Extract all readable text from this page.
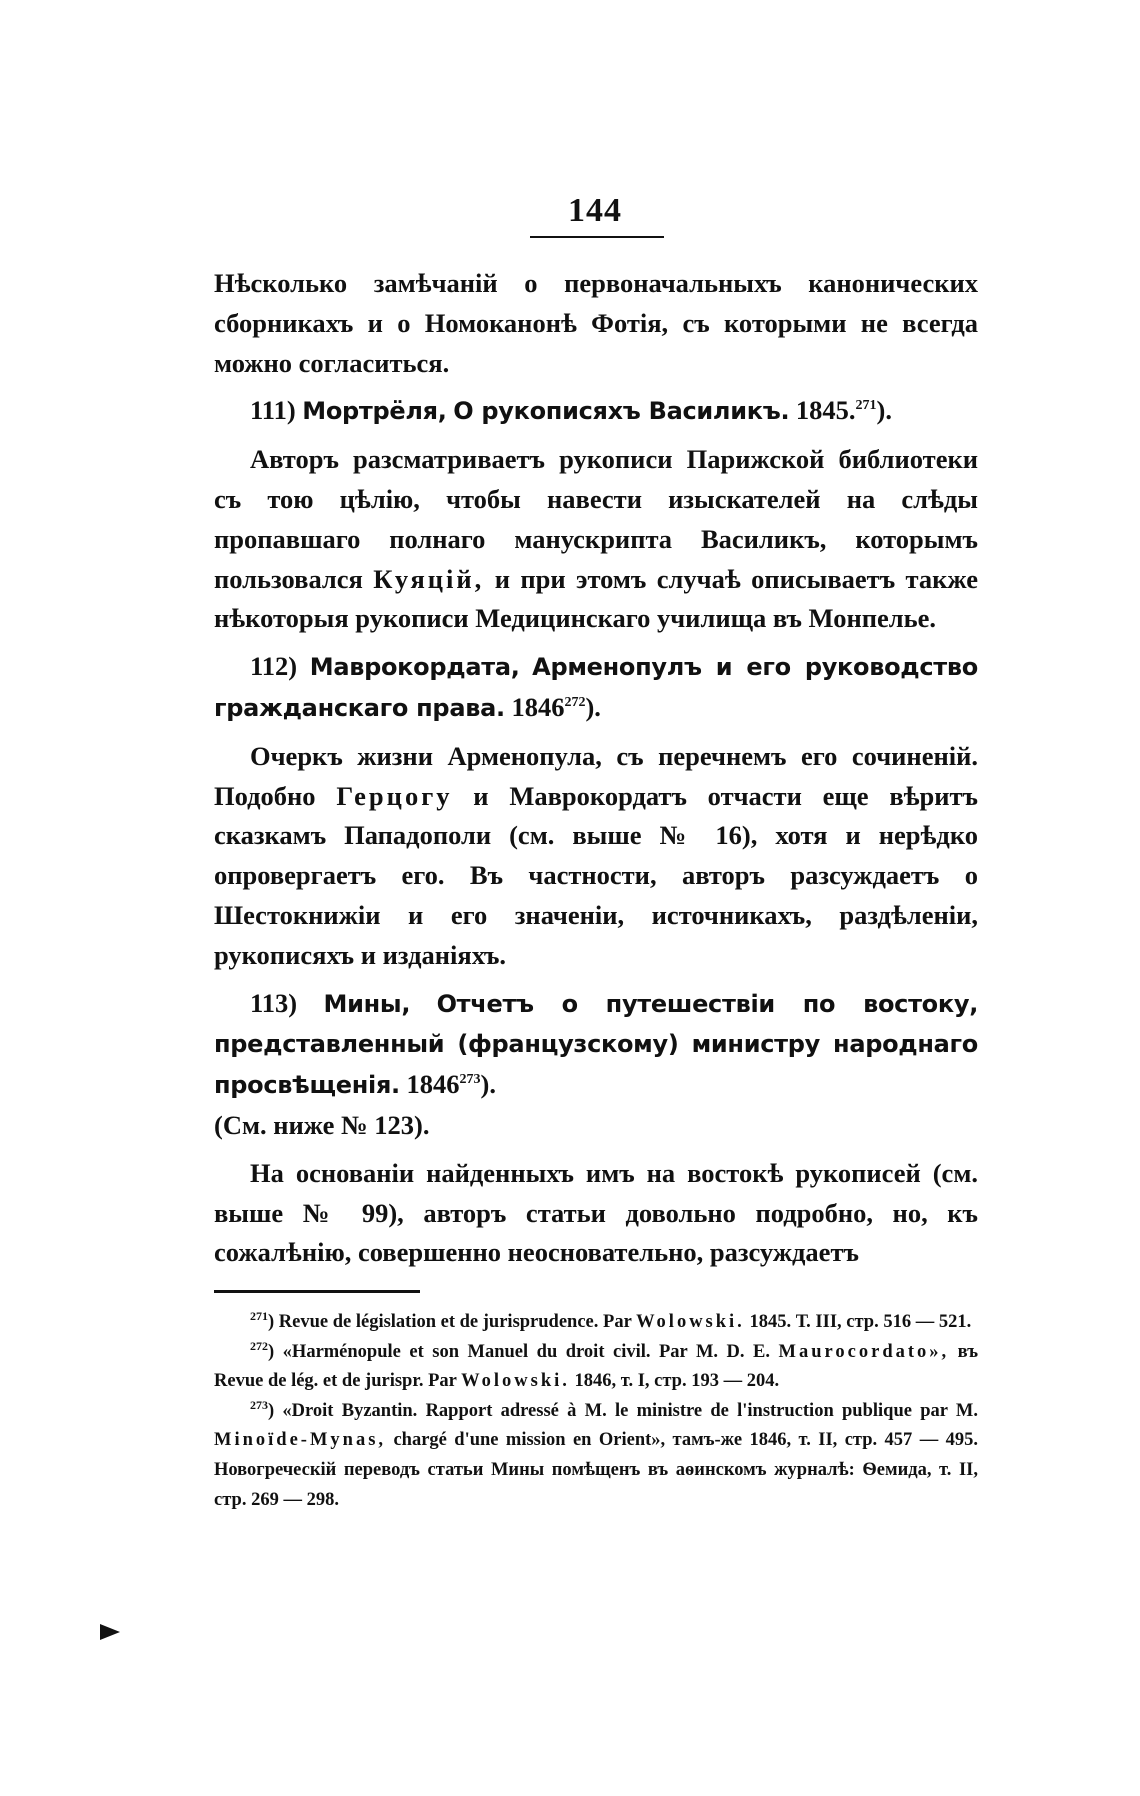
144

Нѣсколько замѣчаній о первоначальныхъ канонических сборникахъ и о Номоканонѣ Фотія, съ которыми не всегда можно согласиться.

111) Мортрёля, О рукописяхъ Василикъ. 1845.$^{271}$).

Авторъ разсматриваетъ рукописи Парижской библиотеки съ тою цѣлію, чтобы навести изыскателей на слѣды пропавшаго полнаго манускрипта Василикъ, которымъ пользовался Куяцій, и при этомъ случаѣ описываетъ также нѣкоторыя рукописи Медицинскаго училища въ Монпелье.

112) Маврокордата, Арменопулъ и его руководство гражданскаго права. 1846$^{272}$).

Очеркъ жизни Арменопула, съ перечнемъ его сочиненій. Подобно Герцогу и Маврокордатъ отчасти еще вѣритъ сказкамъ Пападополи (см. выше № 16), хотя и нерѣдко опровергаетъ его. Въ частности, авторъ разсуждаетъ о Шестокнижіи и его значеніи, источникахъ, раздѣленіи, рукописяхъ и изданіяхъ.

113) Мины, Отчетъ о путешествіи по востоку, представленный (французскому) министру народнаго просвѣщенія. 1846$^{273}$).
(См. ниже № 123).

На основаніи найденныхъ имъ на востокѣ рукописей (см. выше № 99), авторъ статьи довольно подробно, но, къ сожалѣнію, совершенно неосновательно, разсуждаетъ

$^{271}$) Revue de législation et de jurisprudence. Par Wolowski. 1845. Т. III, стр. 516 — 521.

$^{272}$) «Harménopule et son Manuel du droit civil. Par M. D. E. Maurocordato», въ Revue de lég. et de jurispr. Par Wolowski. 1846, т. I, стр. 193 — 204.

$^{273}$) «Droit Byzantin. Rapport adressé à M. le ministre de l'instruction publique par M. Minoïde-Mynas, chargé d'une mission en Orient», тамъ-же 1846, т. II, стр. 457 — 495. Новогреческій переводъ статьи Мины помѣщенъ въ аѳинскомъ журналѣ: Ѳемида, т. II, стр. 269 — 298.
